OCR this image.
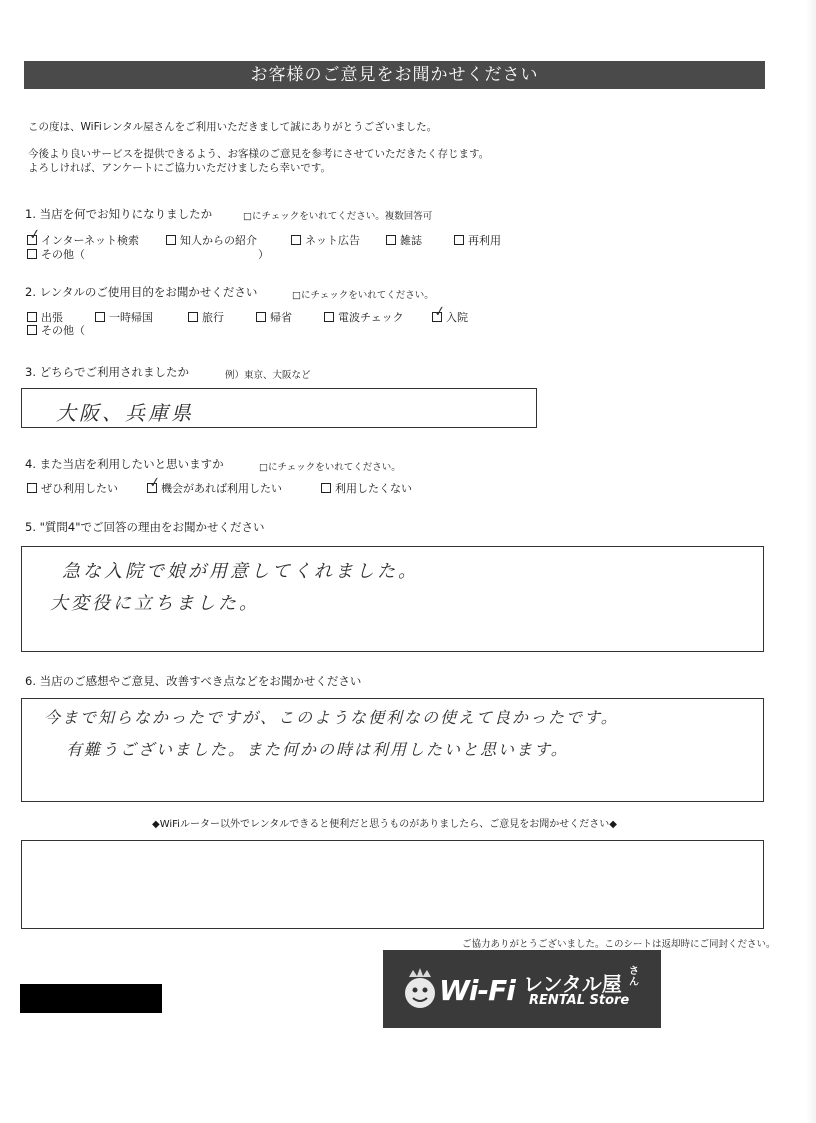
お客様のご意見をお聞かせください
この度は、WiFiレンタル屋さんをご利用いただきまして誠にありがとうございました。
今後より良いサービスを提供できるよう、お客様のご意見を参考にさせていただきたく存じます。
よろしければ、アンケートにご協力いただけましたら幸いです。
1. 当店を何でお知りになりましたか	□にチェックをいれてください。複数回答可
✓ インターネット検索	知人からの紹介	ネット広告	雑誌	再利用
その他（	）
2. レンタルのご使用目的をお聞かせください	□にチェックをいれてください。
出張	一時帰国	旅行	帰省	電波チェック ✓ 入院
その他（
3. どちらでご利用されましたか	例）東京、大阪など
大阪、兵庫県
4. また当店を利用したいと思いますか	□にチェックをいれてください。
ぜひ利用したい ✓ 機会があれば利用したい	利用したくない
5. "質問4"でご回答の理由をお聞かせください
急な入院で娘が用意してくれました。
大変役に立ちました。
6. 当店のご感想やご意見、改善すべき点などをお聞かせください
今まで知らなかったですが、このような便利なの使えて良かったです。
有難うございました。また何かの時は利用したいと思います。
◆WiFiルーター以外でレンタルできると便利だと思うものがありましたら、ご意見をお聞かせください◆
ご協力ありがとうございました。このシートは返却時にご同封ください。
Wi-Fi レンタル屋
さん
RENTAL Store
